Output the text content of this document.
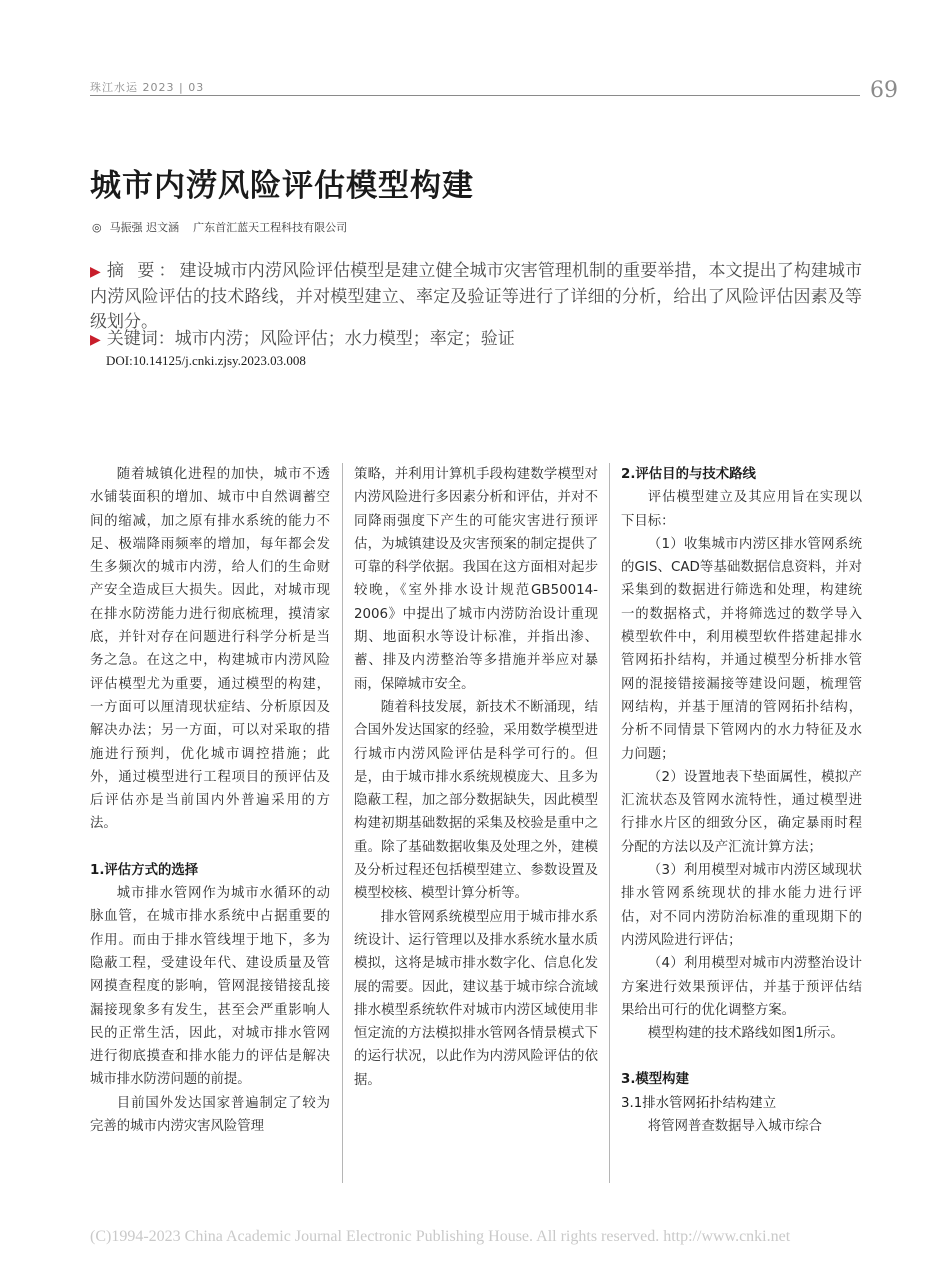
珠江水运 2023 | 03	69
城市内涝风险评估模型构建
◎ 马振强 迟文涵 广东首汇蓝天工程科技有限公司
▶ 摘 要：建设城市内涝风险评估模型是建立健全城市灾害管理机制的重要举措，本文提出了构建城市内涝风险评估的技术路线，并对模型建立、率定及验证等进行了详细的分析，给出了风险评估因素及等级划分。
▶ 关键词：城市内涝；风险评估；水力模型；率定；验证
DOI:10.14125/j.cnki.zjsy.2023.03.008

随着城镇化进程的加快，城市不透水铺装面积的增加、城市中自然调蓄空间的缩减，加之原有排水系统的能力不足、极端降雨频率的增加，每年都会发生多频次的城市内涝，给人们的生命财产安全造成巨大损失。因此，对城市现在排水防涝能力进行彻底梳理，摸清家底，并针对存在问题进行科学分析是当务之急。在这之中，构建城市内涝风险评估模型尤为重要，通过模型的构建，一方面可以厘清现状症结、分析原因及解决办法；另一方面，可以对采取的措施进行预判，优化城市调控措施；此外，通过模型进行工程项目的预评估及后评估亦是当前国内外普遍采用的方法。

1.评估方式的选择

城市排水管网作为城市水循环的动脉血管，在城市排水系统中占据重要的作用。而由于排水管线埋于地下，多为隐蔽工程，受建设年代、建设质量及管网摸查程度的影响，管网混接错接乱接漏接现象多有发生，甚至会严重影响人民的正常生活，因此，对城市排水管网进行彻底摸查和排水能力的评估是解决城市排水防涝问题的前提。

目前国外发达国家普遍制定了较为完善的城市内涝灾害风险管理

策略，并利用计算机手段构建数学模型对内涝风险进行多因素分析和评估，并对不同降雨强度下产生的可能灾害进行预评估，为城镇建设及灾害预案的制定提供了可靠的科学依据。我国在这方面相对起步较晚，《室外排水设计规范GB50014-2006》中提出了城市内涝防治设计重现期、地面积水等设计标准，并指出渗、蓄、排及内涝整治等多措施并举应对暴雨，保障城市安全。

随着科技发展，新技术不断涌现，结合国外发达国家的经验，采用数学模型进行城市内涝风险评估是科学可行的。但是，由于城市排水系统规模庞大、且多为隐蔽工程，加之部分数据缺失，因此模型构建初期基础数据的采集及校验是重中之重。除了基础数据收集及处理之外，建模及分析过程还包括模型建立、参数设置及模型校核、模型计算分析等。

排水管网系统模型应用于城市排水系统设计、运行管理以及排水系统水量水质模拟，这将是城市排水数字化、信息化发展的需要。因此，建议基于城市综合流域排水模型系统软件对城市内涝区域使用非恒定流的方法模拟排水管网各情景模式下的运行状况，以此作为内涝风险评估的依据。

2.评估目的与技术路线

评估模型建立及其应用旨在实现以下目标：

（1）收集城市内涝区排水管网系统的GIS、CAD等基础数据信息资料，并对采集到的数据进行筛选和处理，构建统一的数据格式，并将筛选过的数学导入模型软件中，利用模型软件搭建起排水管网拓扑结构，并通过模型分析排水管网的混接错接漏接等建设问题，梳理管网结构，并基于厘清的管网拓扑结构，分析不同情景下管网内的水力特征及水力问题；

（2）设置地表下垫面属性，模拟产汇流状态及管网水流特性，通过模型进行排水片区的细致分区，确定暴雨时程分配的方法以及产汇流计算方法；

（3）利用模型对城市内涝区域现状排水管网系统现状的排水能力进行评估，对不同内涝防治标准的重现期下的内涝风险进行评估；

（4）利用模型对城市内涝整治设计方案进行效果预评估，并基于预评估结果给出可行的优化调整方案。

模型构建的技术路线如图1所示。

3.模型构建
3.1排水管网拓扑结构建立

将管网普查数据导入城市综合

(C)1994-2023 China Academic Journal Electronic Publishing House. All rights reserved. http://www.cnki.net
